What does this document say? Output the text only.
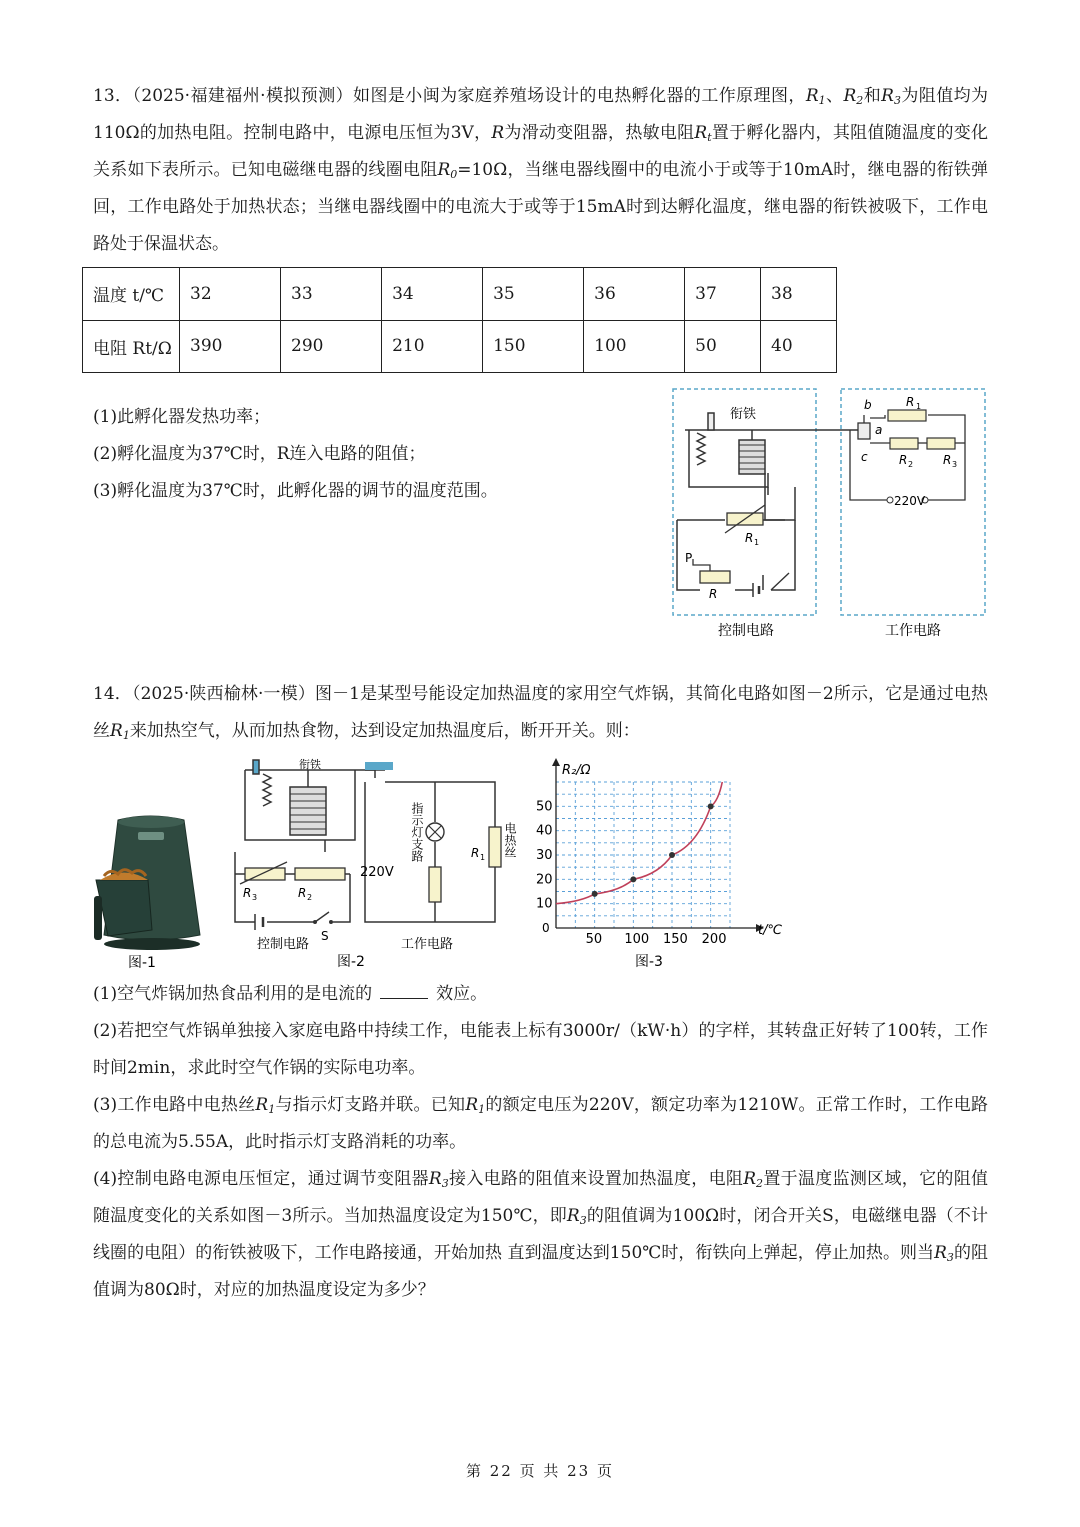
13．（2025·福建福州·模拟预测）如图是小闽为家庭养殖场设计的电热孵化器的工作原理图，$R_1$、$R_2$和$R_3$为阻值均为110Ω的加热电阻。控制电路中，电源电压恒为3V，R为滑动变阻器，热敏电阻$R_t$置于孵化器内，其阻值随温度的变化关系如下表所示。已知电磁继电器的线圈电阻$R_0=10\Omega$，当继电器线圈中的电流小于或等于10mA时，继电器的衔铁弹回，工作电路处于加热状态；当继电器线圈中的电流大于或等于15mA时到达孵化温度，继电器的衔铁被吸下，工作电路处于保温状态。

温度 t/℃	32	33	34	35	36	37	38
电阻 Rt/Ω	390	290	210	150	100	50	40

(1)此孵化器发热功率；

(2)孵化温度为37℃时，R连入电路的阻值；

(3)孵化温度为37℃时，此孵化器的调节的温度范围。

R 1
P
R
衔铁
220V
R 1
R 2 R 3
b
a
c
控制电路	工作电路

14．（2025·陕西榆林·一模）图－1是某型号能设定加热温度的家用空气炸锅，其简化电路如图－2所示，它是通过电热丝$R_1$来加热空气，从而加热食物，达到设定加热温度后，断开开关。则：

图-1
R 3	R 2
S
R 1
220V
衔铁
指示灯支路	电热丝
控制电路	工作电路
图-2
50 100 150 200
10
20
30
40
50
R₂/Ω
t/℃
0
图-3

(1)空气炸锅加热食品利用的是电流的	效应。

(2)若把空气炸锅单独接入家庭电路中持续工作，电能表上标有3000r/（kW·h）的字样，其转盘正好转了100转，工作时间2min，求此时空气作锅的实际电功率。

(3)工作电路中电热丝$R_1$与指示灯支路并联。已知$R_1$的额定电压为220V，额定功率为1210W。正常工作时，工作电路的总电流为5.55A，此时指示灯支路消耗的功率。

(4)控制电路电源电压恒定，通过调节变阻器$R_3$接入电路的阻值来设置加热温度，电阻$R_2$置于温度监测区域，它的阻值随温度变化的关系如图－3所示。当加热温度设定为150℃，即$R_3$的阻值调为100Ω时，闭合开关S，电磁继电器（不计线圈的电阻）的衔铁被吸下，工作电路接通，开始加热 直到温度达到150℃时，衔铁向上弹起，停止加热。则当$R_3$的阻值调为80Ω时，对应的加热温度设定为多少？

第 22 页 共 23 页
